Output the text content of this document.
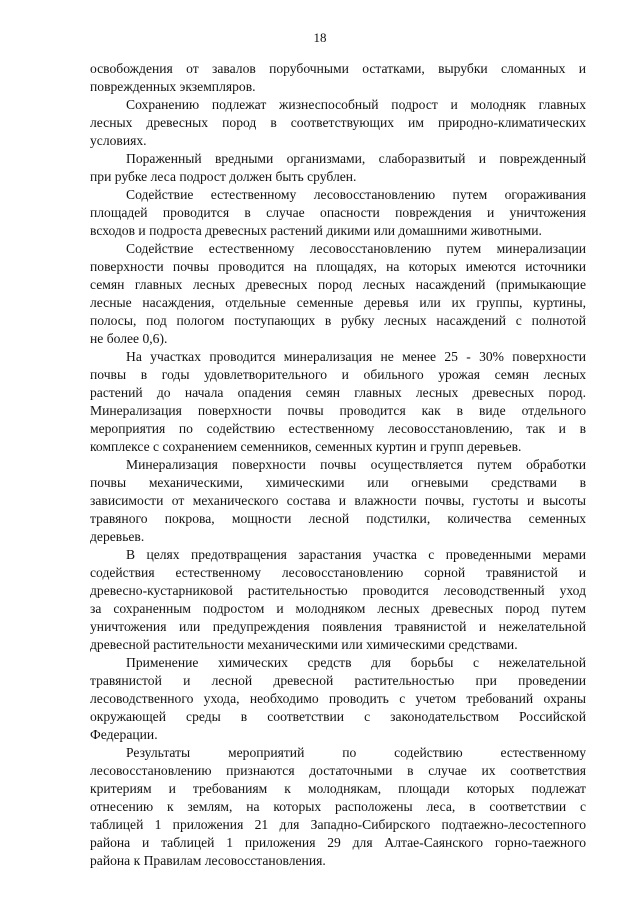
18
освобождения от завалов порубочными остатками, вырубки сломанных и
поврежденных экземпляров.
Сохранению подлежат жизнеспособный подрост и молодняк главных
лесных древесных пород в соответствующих им природно-климатических
условиях.
Пораженный вредными организмами, слаборазвитый и поврежденный
при рубке леса подрост должен быть срублен.
Содействие естественному лесовосстановлению путем огораживания
площадей проводится в случае опасности повреждения и уничтожения
всходов и подроста древесных растений дикими или домашними животными.
Содействие естественному лесовосстановлению путем минерализации
поверхности почвы проводится на площадях, на которых имеются источники
семян главных лесных древесных пород лесных насаждений (примыкающие
лесные насаждения, отдельные семенные деревья или их группы, куртины,
полосы, под пологом поступающих в рубку лесных насаждений с полнотой
не более 0,6).
На участках проводится минерализация не менее 25 - 30% поверхности
почвы в годы удовлетворительного и обильного урожая семян лесных
растений до начала опадения семян главных лесных древесных пород.
Минерализация поверхности почвы проводится как в виде отдельного
мероприятия по содействию естественному лесовосстановлению, так и в
комплексе с сохранением семенников, семенных куртин и групп деревьев.
Минерализация поверхности почвы осуществляется путем обработки
почвы механическими, химическими или огневыми средствами в
зависимости от механического состава и влажности почвы, густоты и высоты
травяного покрова, мощности лесной подстилки, количества семенных
деревьев.
В целях предотвращения зарастания участка с проведенными мерами
содействия естественному лесовосстановлению сорной травянистой и
древесно-кустарниковой растительностью проводится лесоводственный уход
за сохраненным подростом и молодняком лесных древесных пород путем
уничтожения или предупреждения появления травянистой и нежелательной
древесной растительности механическими или химическими средствами.
Применение химических средств для борьбы с нежелательной
травянистой и лесной древесной растительностью при проведении
лесоводственного ухода, необходимо проводить с учетом требований охраны
окружающей среды в соответствии с законодательством Российской
Федерации.
Результаты мероприятий по содействию естественному
лесовосстановлению признаются достаточными в случае их соответствия
критериям и требованиям к молоднякам, площади которых подлежат
отнесению к землям, на которых расположены леса, в соответствии с
таблицей 1 приложения 21 для Западно-Сибирского подтаежно-лесостепного
района и таблицей 1 приложения 29 для Алтае-Саянского горно-таежного
района к Правилам лесовосстановления.
